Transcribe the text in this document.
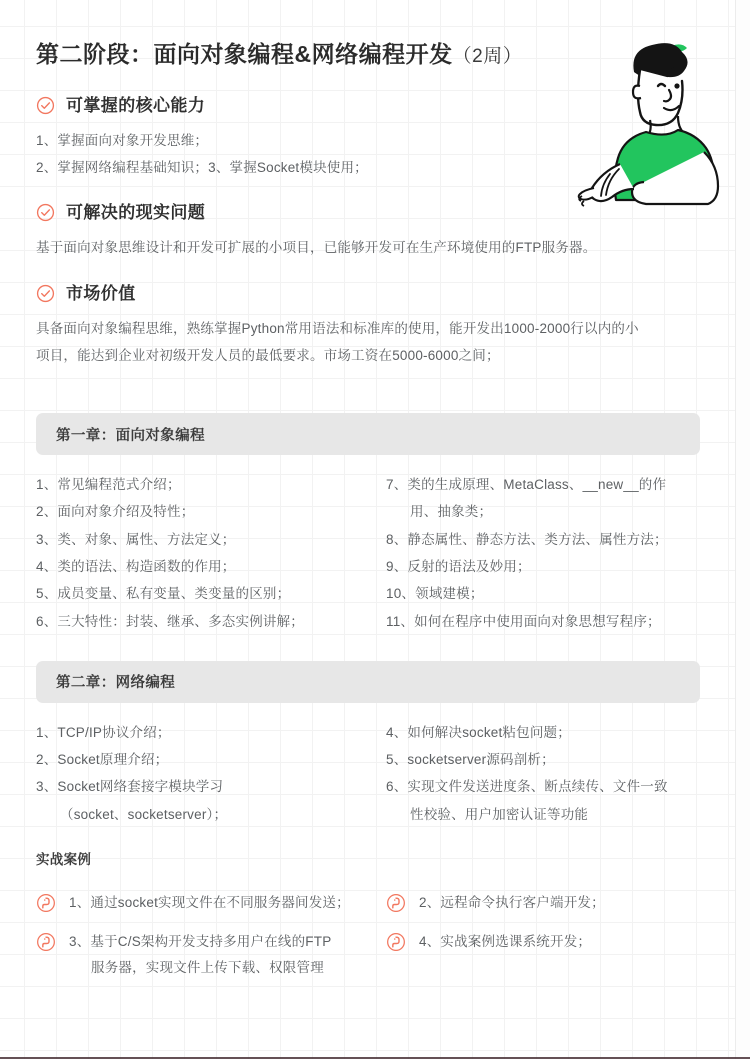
第二阶段：面向对象编程&网络编程开发（2周）
可掌握的核心能力

1、掌握面向对象开发思维；
2、掌握网络编程基础知识；3、掌握Socket模块使用；

可解决的现实问题

基于面向对象思维设计和开发可扩展的小项目，已能够开发可在生产环境使用的FTP服务器。

市场价值

具备面向对象编程思维，熟练掌握Python常用语法和标准库的使用，能开发出1000-2000行以内的小
项目，能达到企业对初级开发人员的最低要求。市场工资在5000-6000之间；

第一章：面向对象编程
1、常见编程范式介绍；
2、面向对象介绍及特性；
3、类、对象、属性、方法定义；
4、类的语法、构造函数的作用；
5、成员变量、私有变量、类变量的区别；
6、三大特性：封装、继承、多态实例讲解；
7、类的生成原理、MetaClass、__new__的作
用、抽象类；
8、静态属性、静态方法、类方法、属性方法；
9、反射的语法及妙用；
10、领域建模；
11、如何在程序中使用面向对象思想写程序；
第二章：网络编程
1、TCP/IP协议介绍；
2、Socket原理介绍；
3、Socket网络套接字模块学习
（socket、socketserver）；
4、如何解决socket粘包问题；
5、socketserver源码剖析；
6、实现文件发送进度条、断点续传、文件一致
性校验、用户加密认证等功能
实战案例
1、通过socket实现文件在不同服务器间发送；	2、远程命令执行客户端开发；
3、基于C/S架构开发支持多用户在线的FTP
服务器，实现文件上传下载、权限管理
4、实战案例选课系统开发；
